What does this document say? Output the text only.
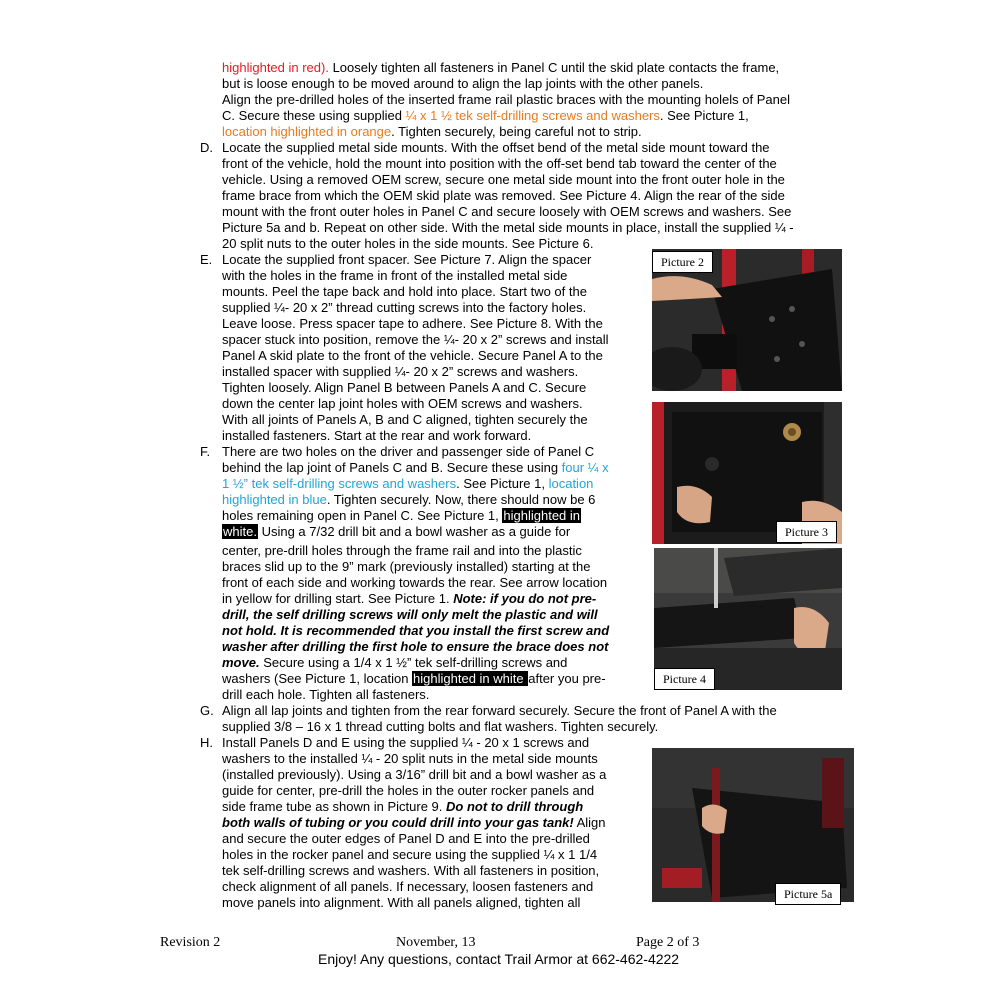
highlighted in red). Loosely tighten all fasteners in Panel C until the skid plate contacts the frame,
but is loose enough to be moved around to align the lap joints with the other panels.
Align the pre-drilled holes of the inserted frame rail plastic braces with the mounting holels of Panel
C. Secure these using supplied ¼ x 1 ½ tek self-drilling screws and washers. See Picture 1,
location highlighted in orange. Tighten securely, being careful not to strip.
D. Locate the supplied metal side mounts. With the offset bend of the metal side mount toward the
front of the vehicle, hold the mount into position with the off-set bend tab toward the center of the
vehicle. Using a removed OEM screw, secure one metal side mount into the front outer hole in the
frame brace from which the OEM skid plate was removed. See Picture 4. Align the rear of the side
mount with the front outer holes in Panel C and secure loosely with OEM screws and washers. See
Picture 5a and b. Repeat on other side. With the metal side mounts in place, install the supplied ¼ -
20 split nuts to the outer holes in the side mounts. See Picture 6.
E. Locate the supplied front spacer. See Picture 7. Align the spacer
with the holes in the frame in front of the installed metal side
mounts. Peel the tape back and hold into place. Start two of the
supplied ¼- 20 x 2” thread cutting screws into the factory holes.
Leave loose. Press spacer tape to adhere. See Picture 8. With the
spacer stuck into position, remove the ¼- 20 x 2” screws and install
Panel A skid plate to the front of the vehicle. Secure Panel A to the
installed spacer with supplied ¼- 20 x 2” screws and washers.
Tighten loosely. Align Panel B between Panels A and C. Secure
down the center lap joint holes with OEM screws and washers.
With all joints of Panels A, B and C aligned, tighten securely the
installed fasteners. Start at the rear and work forward.
F. There are two holes on the driver and passenger side of Panel C
behind the lap joint of Panels C and B. Secure these using four ¼ x
1 ½” tek self-drilling screws and washers. See Picture 1, location
highlighted in blue. Tighten securely. Now, there should now be 6
holes remaining open in Panel C. See Picture 1, highlighted in
white. Using a 7/32 drill bit and a bowl washer as a guide for
center, pre-drill holes through the frame rail and into the plastic
braces slid up to the 9” mark (previously installed) starting at the
front of each side and working towards the rear. See arrow location
in yellow for drilling start. See Picture 1. Note: if you do not pre-
drill, the self drilling screws will only melt the plastic and will
not hold. It is recommended that you install the first screw and
washer after drilling the first hole to ensure the brace does not
move. Secure using a 1/4 x 1 ½” tek self-drilling screws and
washers (See Picture 1, location highlighted in white after you pre-
drill each hole. Tighten all fasteners.
G. Align all lap joints and tighten from the rear forward securely. Secure the front of Panel A with the
supplied 3/8 – 16 x 1 thread cutting bolts and flat washers. Tighten securely.
H. Install Panels D and E using the supplied ¼ - 20 x 1 screws and
washers to the installed ¼ - 20 split nuts in the metal side mounts
(installed previously). Using a 3/16” drill bit and a bowl washer as a
guide for center, pre-drill the holes in the outer rocker panels and
side frame tube as shown in Picture 9. Do not to drill through
both walls of tubing or you could drill into your gas tank! Align
and secure the outer edges of Panel D and E into the pre-drilled
holes in the rocker panel and secure using the supplied ¼ x 1 1/4
tek self-drilling screws and washers. With all fasteners in position,
check alignment of all panels. If necessary, loosen fasteners and
move panels into alignment. With all panels aligned, tighten all
Picture 2
Picture 3
Picture 4
Picture 5a
Revision 2	November, 13	Page 2 of 3
Enjoy! Any questions, contact Trail Armor at 662-462-4222
